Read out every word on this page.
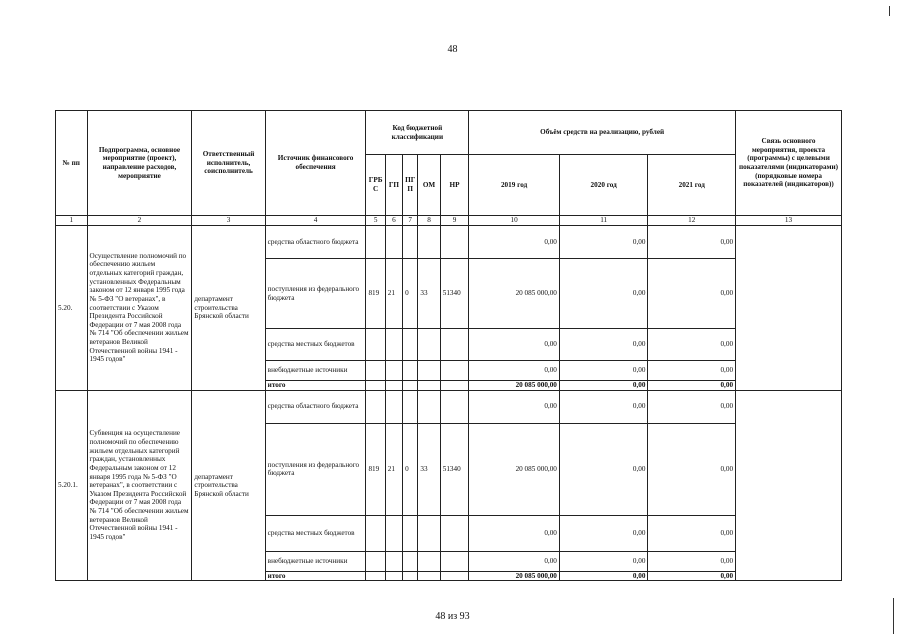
48
№ пп	Подпрограмма, основное мероприятие (проект), направление расходов, мероприятие	Ответственный исполнитель, соисполнитель	Источник финансового обеспечения	Код бюджетной классификации					Объём средств на реализацию, рублей			Связь основного мероприятия, проекта (программы) с целевыми показателями (индикаторами) (порядковые номера показателей (индикаторов))
				ГРБ С	ГП	ПГ П	ОМ	НР	2019 год	2020 год	2021 год	
1	2	3	4	5	6	7	8	9	10	11	12	13
5.20.	Осуществление полномочий по обеспечению жильем отдельных категорий граждан, установленных Федеральным законом от 12 января 1995 года № 5-ФЗ "О ветеранах", в соответствии с Указом Президента Российской Федерации от 7 мая 2008 года № 714 "Об обеспечении жильем ветеранов Великой Отечественной войны 1941 - 1945 годов"	департамент строительства Брянской области	средства областного бюджета						0,00	0,00	0,00	
			поступления из федерального бюджета	819	21	0	33	51340	20 085 000,00	0,00	0,00	
			средства местных бюджетов						0,00	0,00	0,00	
			внебюджетные источники						0,00	0,00	0,00	
			итого						20 085 000,00	0,00	0,00	
5.20.1.	Субвенция на осуществление полномочий по обеспечению жильем отдельных категорий граждан, установленных Федеральным законом от 12 января 1995 года № 5-ФЗ "О ветеранах", в соответствии с Указом Президента Российской Федерации от 7 мая 2008 года № 714 "Об обеспечении жильем ветеранов Великой Отечественной войны 1941 - 1945 годов"	департамент строительства Брянской области	средства областного бюджета						0,00	0,00	0,00	
			поступления из федерального бюджета	819	21	0	33	51340	20 085 000,00	0,00	0,00	
			средства местных бюджетов						0,00	0,00	0,00	
			внебюджетные источники						0,00	0,00	0,00	
			итого						20 085 000,00	0,00	0,00	
48 из 93
